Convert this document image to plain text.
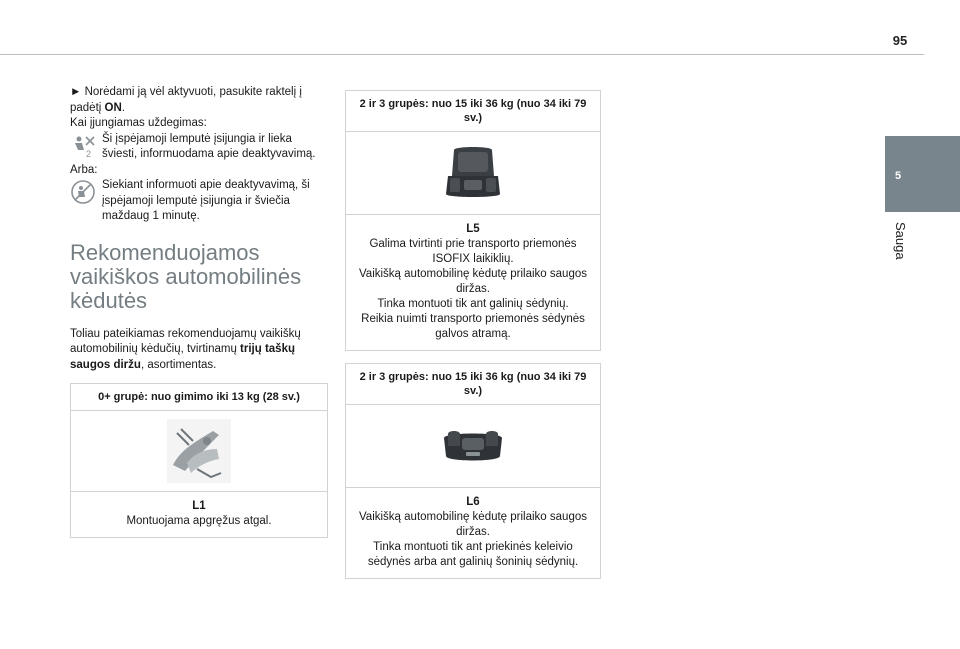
95
5
Sauga

► Norėdami ją vėl aktyvuoti, pasukite raktelį į padėtį ON.

Kai įjungiamas uždegimas:

2
Ši įspėjamoji lemputė įsijungia ir lieka šviesti, informuodama apie deaktyvavimą.

Arba:

Siekiant informuoti apie deaktyvavimą, ši įspėjamoji lemputė įsijungia ir šviečia maždaug 1 minutę.
Rekomenduojamos vaikiškos automobilinės kėdutės

Toliau pateikiamas rekomenduojamų vaikiškų automobilinių kėdučių, tvirtinamų trijų taškų saugos diržu, asortimentas.

0+ grupė: nuo gimimo iki 13 kg (28 sv.)
L1
Montuojama apgręžus atgal.
2 ir 3 grupės: nuo 15 iki 36 kg (nuo 34 iki 79 sv.)
L5
Galima tvirtinti prie transporto priemonės ISOFIX laikiklių.
Vaikišką automobilinę kėdutę prilaiko saugos diržas.
Tinka montuoti tik ant galinių sėdynių.
Reikia nuimti transporto priemonės sėdynės galvos atramą.
2 ir 3 grupės: nuo 15 iki 36 kg (nuo 34 iki 79 sv.)
L6
Vaikišką automobilinę kėdutę prilaiko saugos diržas.
Tinka montuoti tik ant priekinės keleivio sėdynės arba ant galinių šoninių sėdynių.
